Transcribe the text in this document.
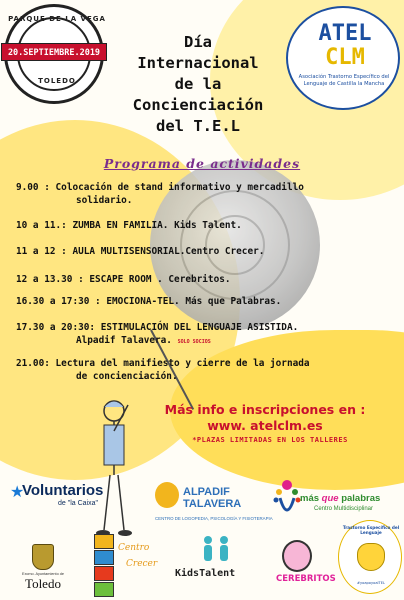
PARQUE DE LA VEGA
20.SEPTIEMBRE.2019
TOLEDO
Día
Internacional
de la
Concienciación
del T.E.L
ATEL
CLM
Asociación Trastorno Específico del Lenguaje de Castilla la Mancha
Programa de actividades
9.00 : Colocación de stand informativo y mercadillo
solidario.
10 a 11.: ZUMBA EN FAMILIA. Kids Talent.
11 a 12 : AULA MULTISENSORIAL.Centro Crecer.
12 a 13.30 : ESCAPE ROOM . Cerebritos.
16.30 a 17:30 : EMOCIONA-TEL. Más que Palabras.
17.30 a 20:30: ESTIMULACIÓN DEL LENGUAJE ASISTIDA.
Alpadif Talavera. SOLO SOCIOS
21.00: Lectura del manifiesto y cierre de la jornada
de concienciación.
Más info e inscripciones en :
www. atelclm.es
*PLAZAS LIMITADAS EN LOS TALLERES
★
Voluntarios
de "la Caixa"
ALPADIF
TALAVERA
CENTRO DE LOGOPEDIA, PSICOLOGÍA Y FISIOTERAPIA
más que palabras
Centro Multidisciplinar
Excmo. Ayuntamiento de
Toledo
Centro
Crecer
KidsTalent	CEREBRITOS
Trastorno Específico del Lenguaje
#yoapoyoalTEL
